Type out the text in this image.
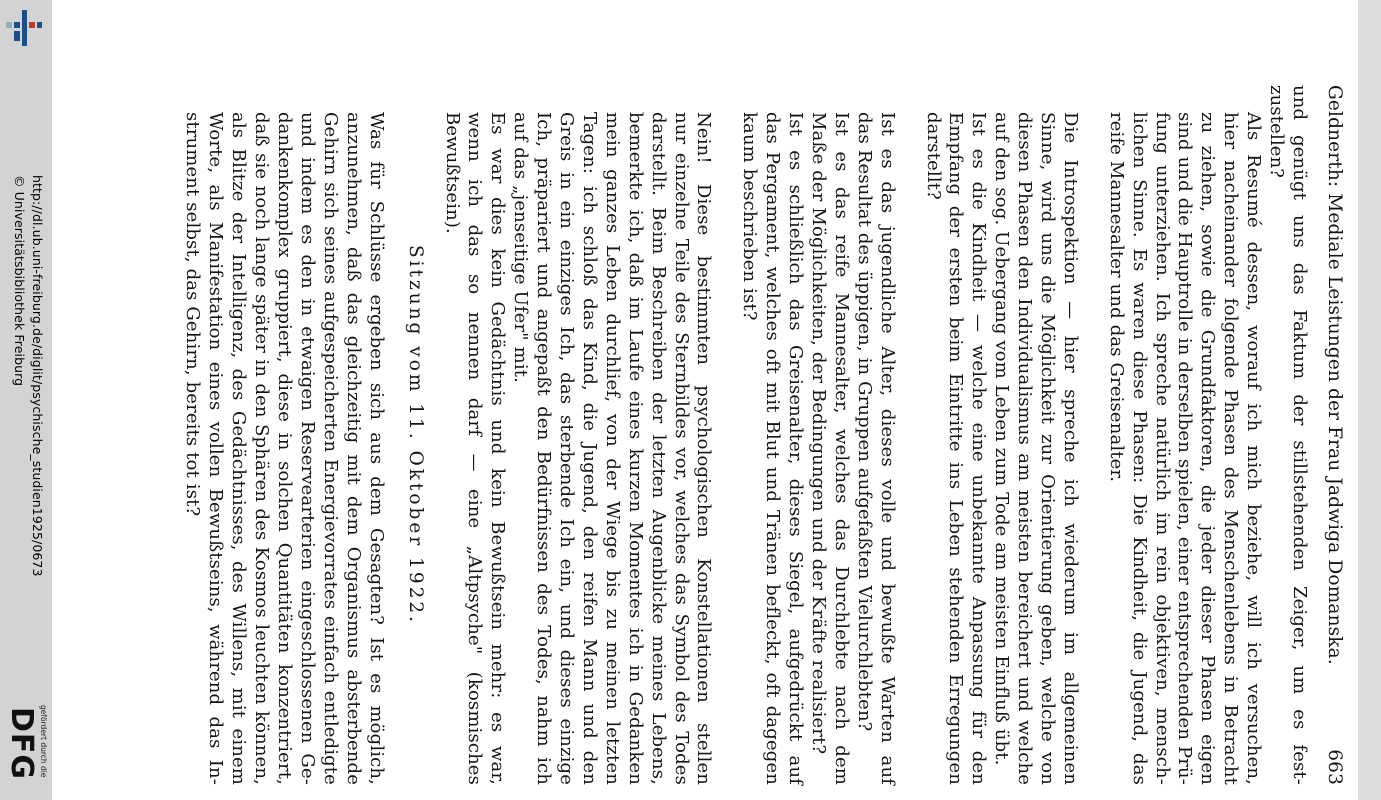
http://dl.ub.uni-freiburg.de/diglit/psychische_studien1925/0673
© Universitätsbibliothek Freiburg
gefördert durch die
DFG
Geldnerth: Mediale Leistungen der Frau Jadwiga Domanska.
663

und genügt uns das Faktum der stillstehenden Zeiger, um es fest-
zustellen?

Als Resumé dessen, worauf ich mich beziehe, will ich versuchen,
hier nacheinander folgende Phasen des Menschenlebens in Betracht
zu ziehen, sowie die Grundfaktoren, die jeder dieser Phasen eigen
sind und die Hauptrolle in derselben spielen, einer entsprechenden Prü-
fung unterziehen. Ich spreche natürlich im rein objektiven, mensch-
lichen Sinne. Es waren diese Phasen: Die Kindheit, die Jugend, das
reife Mannesalter und das Greisenalter.

Die Introspektion — hier spreche ich wiederum im allgemeinen
Sinne, wird uns die Möglichkeit zur Orientierung geben, welche von
diesen Phasen den Individualismus am meisten bereichert und welche
auf den sog. Uebergang vom Leben zum Tode am meisten Einfluß übt.

Ist es die Kindheit — welche eine unbekannte Anpassung für den
Empfang der ersten beim Eintritte ins Leben stehenden Erregungen
darstellt?

Ist es das jugendliche Alter, dieses volle und bewußte Warten auf
das Resultat des üppigen, in Gruppen aufgefaßten Vielurchlebten?

Ist es das reife Mannesalter, welches das Durchlebte nach dem
Maße der Möglichkeiten, der Bedingungen und der Kräfte realisiert?

Ist es schließlich das Greisenalter, dieses Siegel, aufgedrückt auf
das Pergament, welches oft mit Blut und Tränen befleckt, oft dagegen
kaum beschrieben ist?

Nein! Diese bestimmten psychologischen Konstellationen stellen
nur einzelne Teile des Sternbildes vor, welches das Symbol des Todes
darstellt. Beim Beschreiben der letzten Augenblicke meines Lebens,
bemerkte ich, daß im Laufe eines kurzen Momentes ich in Gedanken
mein ganzes Leben durchlief, von der Wiege bis zu meinen letzten
Tagen: ich schloß das Kind, die Jugend, den reifen Mann und den
Greis in ein einziges Ich, das sterbende Ich ein, und dieses einzige
Ich, präpariert und angepaßt den Bedürfnissen des Todes, nahm ich
auf das „jenseitige Ufer" mit.

Es war dies kein Gedächtnis und kein Bewußtsein mehr: es war,
wenn ich das so nennen darf — eine „Altpsyche" (kosmisches
Bewußtsein).

Sitzung vom 11. Oktober 1922.

Was für Schlüsse ergeben sich aus dem Gesagten? Ist es möglich,
anzunehmen, daß das gleichzeitig mit dem Organismus absterbende
Gehirn sich seines aufgespeicherten Energievorrates einfach entledigte
und indem es den in etwaigen Reservearterien eingeschlossenen Ge-
dankenkomplex gruppiert, diese in solchen Quantitäten konzentriert,
daß sie noch lange später in den Sphären des Kosmos leuchten können,
als Blitze der Intelligenz, des Gedächtnisses, des Willens, mit einem
Worte, als Manifestation eines vollen Bewußtseins, während das In-
strument selbst, das Gehirn, bereits tot ist?
